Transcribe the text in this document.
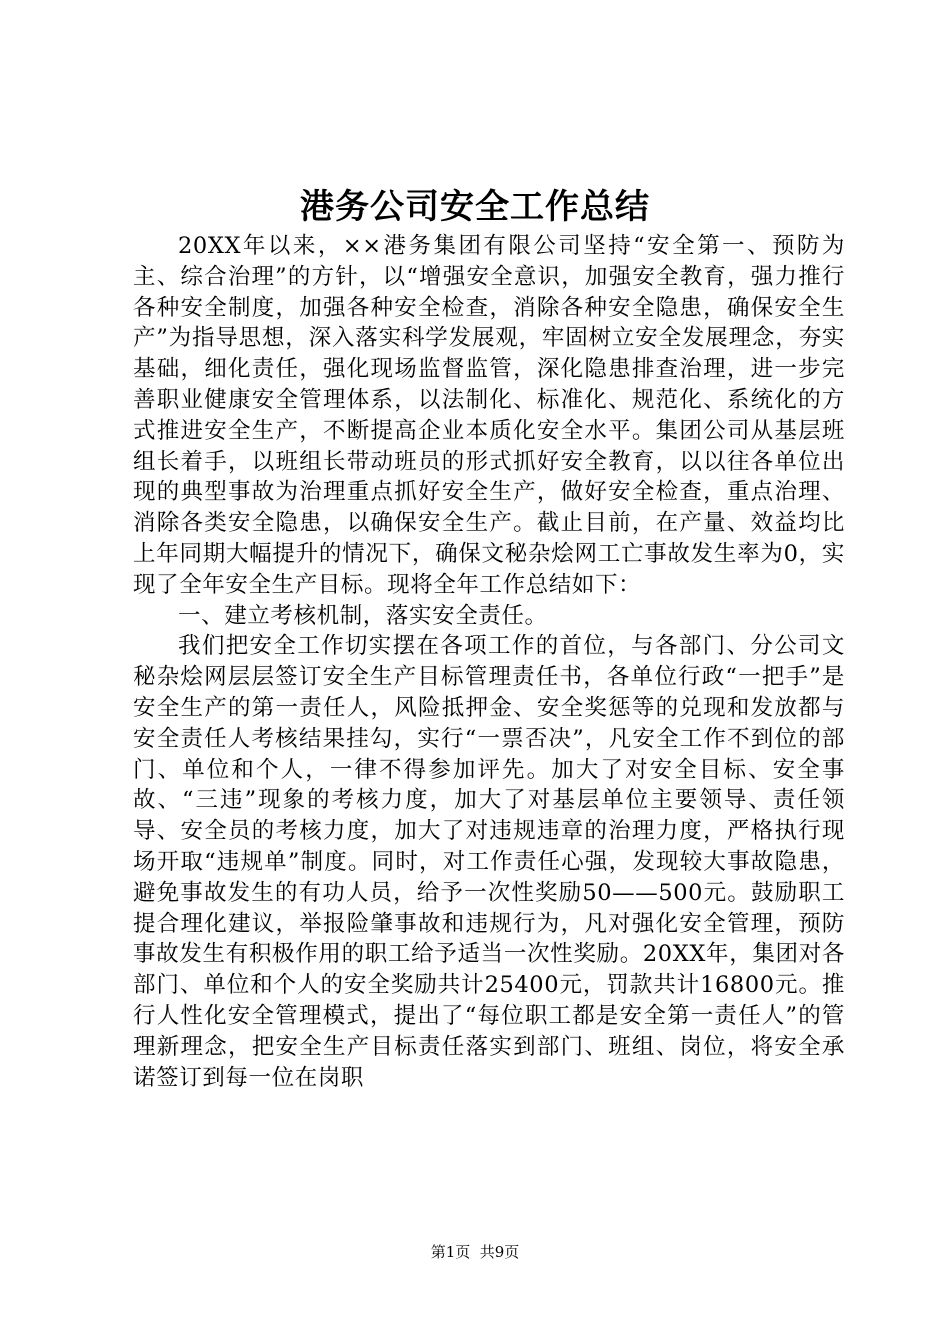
港务公司安全工作总结

20XX年以来，××港务集团有限公司坚持“安全第一、预防为主、综合治理”的方针，以“增强安全意识，加强安全教育，强力推行各种安全制度，加强各种安全检查，消除各种安全隐患，确保安全生产”为指导思想，深入落实科学发展观，牢固树立安全发展理念，夯实基础，细化责任，强化现场监督监管，深化隐患排查治理，进一步完善职业健康安全管理体系，以法制化、标准化、规范化、系统化的方式推进安全生产，不断提高企业本质化安全水平。集团公司从基层班组长着手，以班组长带动班员的形式抓好安全教育，以以往各单位出现的典型事故为治理重点抓好安全生产，做好安全检查，重点治理、消除各类安全隐患，以确保安全生产。截止目前，在产量、效益均比上年同期大幅提升的情况下，确保文秘杂烩网工亡事故发生率为0，实现了全年安全生产目标。现将全年工作总结如下：

一、建立考核机制，落实安全责任。

我们把安全工作切实摆在各项工作的首位，与各部门、分公司文秘杂烩网层层签订安全生产目标管理责任书，各单位行政“一把手”是安全生产的第一责任人，风险抵押金、安全奖惩等的兑现和发放都与安全责任人考核结果挂勾，实行“一票否决”，凡安全工作不到位的部门、单位和个人，一律不得参加评先。加大了对安全目标、安全事故、“三违”现象的考核力度，加大了对基层单位主要领导、责任领导、安全员的考核力度，加大了对违规违章的治理力度，严格执行现场开取“违规单”制度。同时，对工作责任心强，发现较大事故隐患，避免事故发生的有功人员，给予一次性奖励50——500元。鼓励职工提合理化建议，举报险肇事故和违规行为，凡对强化安全管理，预防事故发生有积极作用的职工给予适当一次性奖励。20XX年，集团对各部门、单位和个人的安全奖励共计25400元，罚款共计16800元。推行人性化安全管理模式，提出了“每位职工都是安全第一责任人”的管理新理念，把安全生产目标责任落实到部门、班组、岗位，将安全承诺签订到每一位在岗职

第1页  共9页
